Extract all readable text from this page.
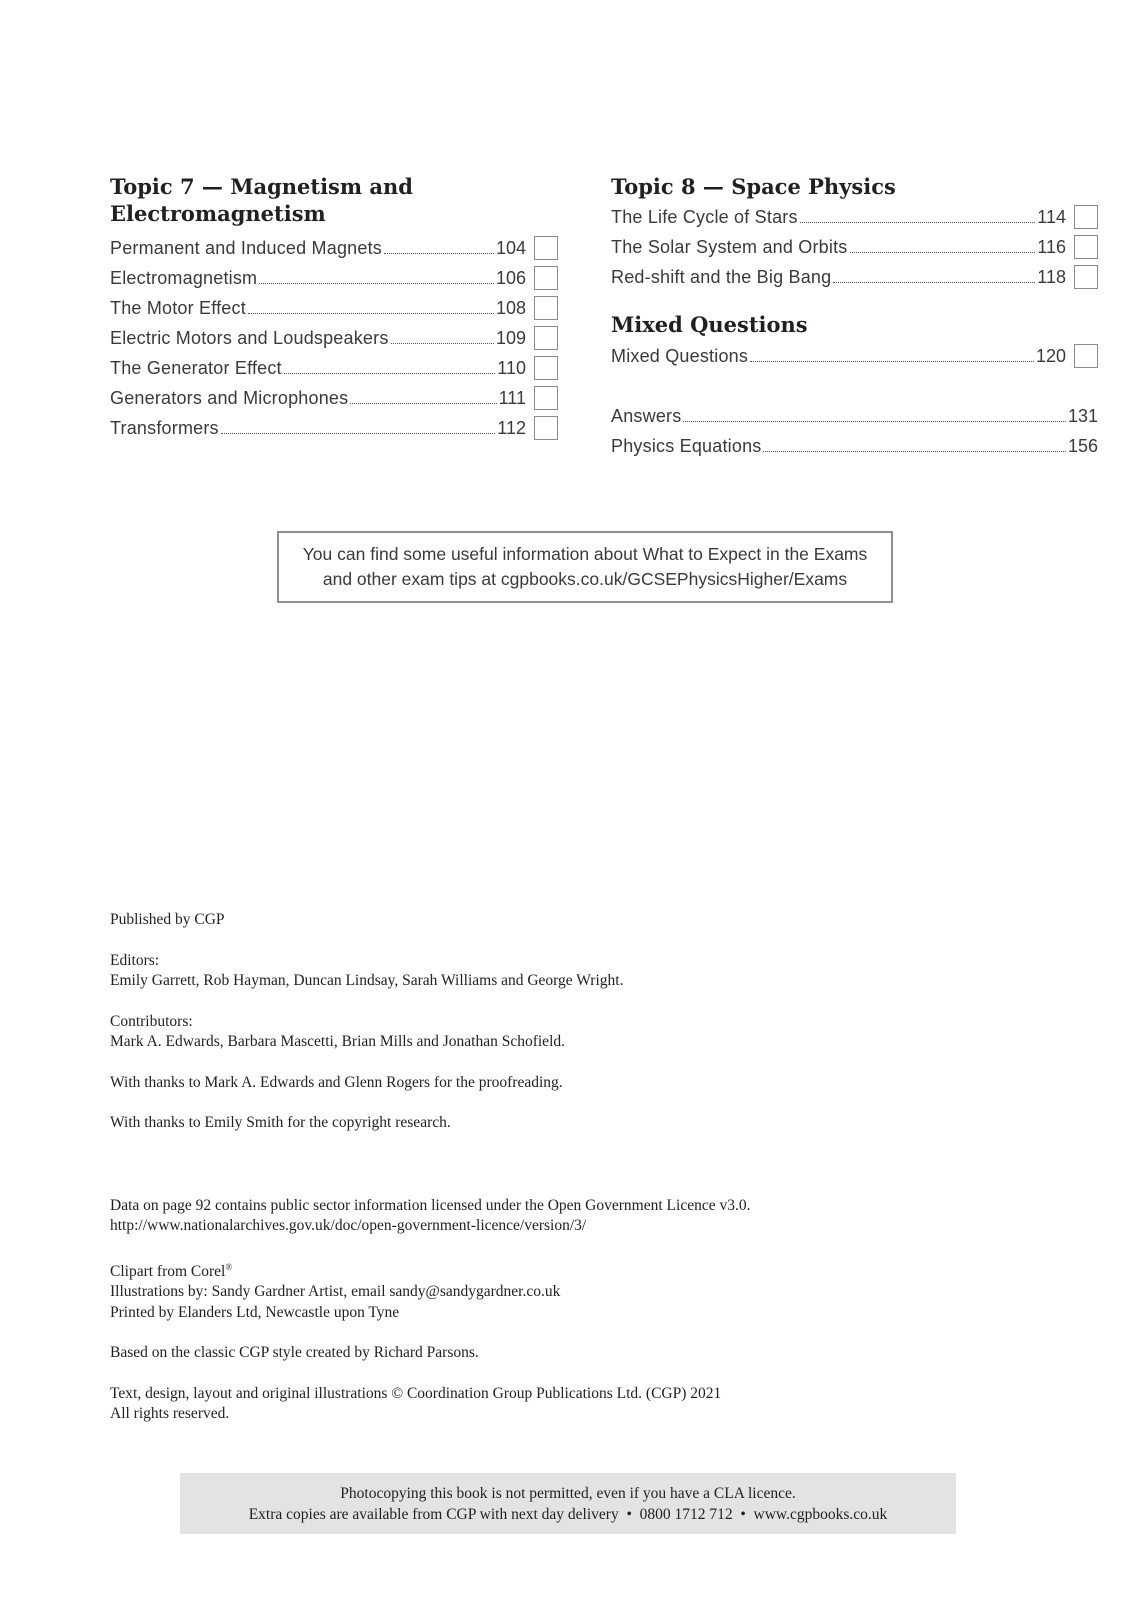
Topic 7 — Magnetism and
Electromagnetism
Permanent and Induced Magnets	104
Electromagnetism	106
The Motor Effect	108
Electric Motors and Loudspeakers	109
The Generator Effect	110
Generators and Microphones	111
Transformers	112
Topic 8 — Space Physics
The Life Cycle of Stars	114
The Solar System and Orbits	116
Red-shift and the Big Bang	118
Mixed Questions
Mixed Questions	120
Answers	131
Physics Equations	156
You can find some useful information about What to Expect in the Exams
and other exam tips at cgpbooks.co.uk/GCSEPhysicsHigher/Exams

Published by CGP

Editors:

Emily Garrett, Rob Hayman, Duncan Lindsay, Sarah Williams and George Wright.

Contributors:

Mark A. Edwards, Barbara Mascetti, Brian Mills and Jonathan Schofield.

With thanks to Mark A. Edwards and Glenn Rogers for the proofreading.

With thanks to Emily Smith for the copyright research.

Data on page 92 contains public sector information licensed under the Open Government Licence v3.0.

http://www.nationalarchives.gov.uk/doc/open-government-licence/version/3/

Clipart from Corel®

Illustrations by: Sandy Gardner Artist, email sandy@sandygardner.co.uk

Printed by Elanders Ltd, Newcastle upon Tyne

Based on the classic CGP style created by Richard Parsons.

Text, design, layout and original illustrations © Coordination Group Publications Ltd. (CGP) 2021

All rights reserved.

Photocopying this book is not permitted, even if you have a CLA licence.
Extra copies are available from CGP with next day delivery  •  0800 1712 712  •  www.cgpbooks.co.uk
